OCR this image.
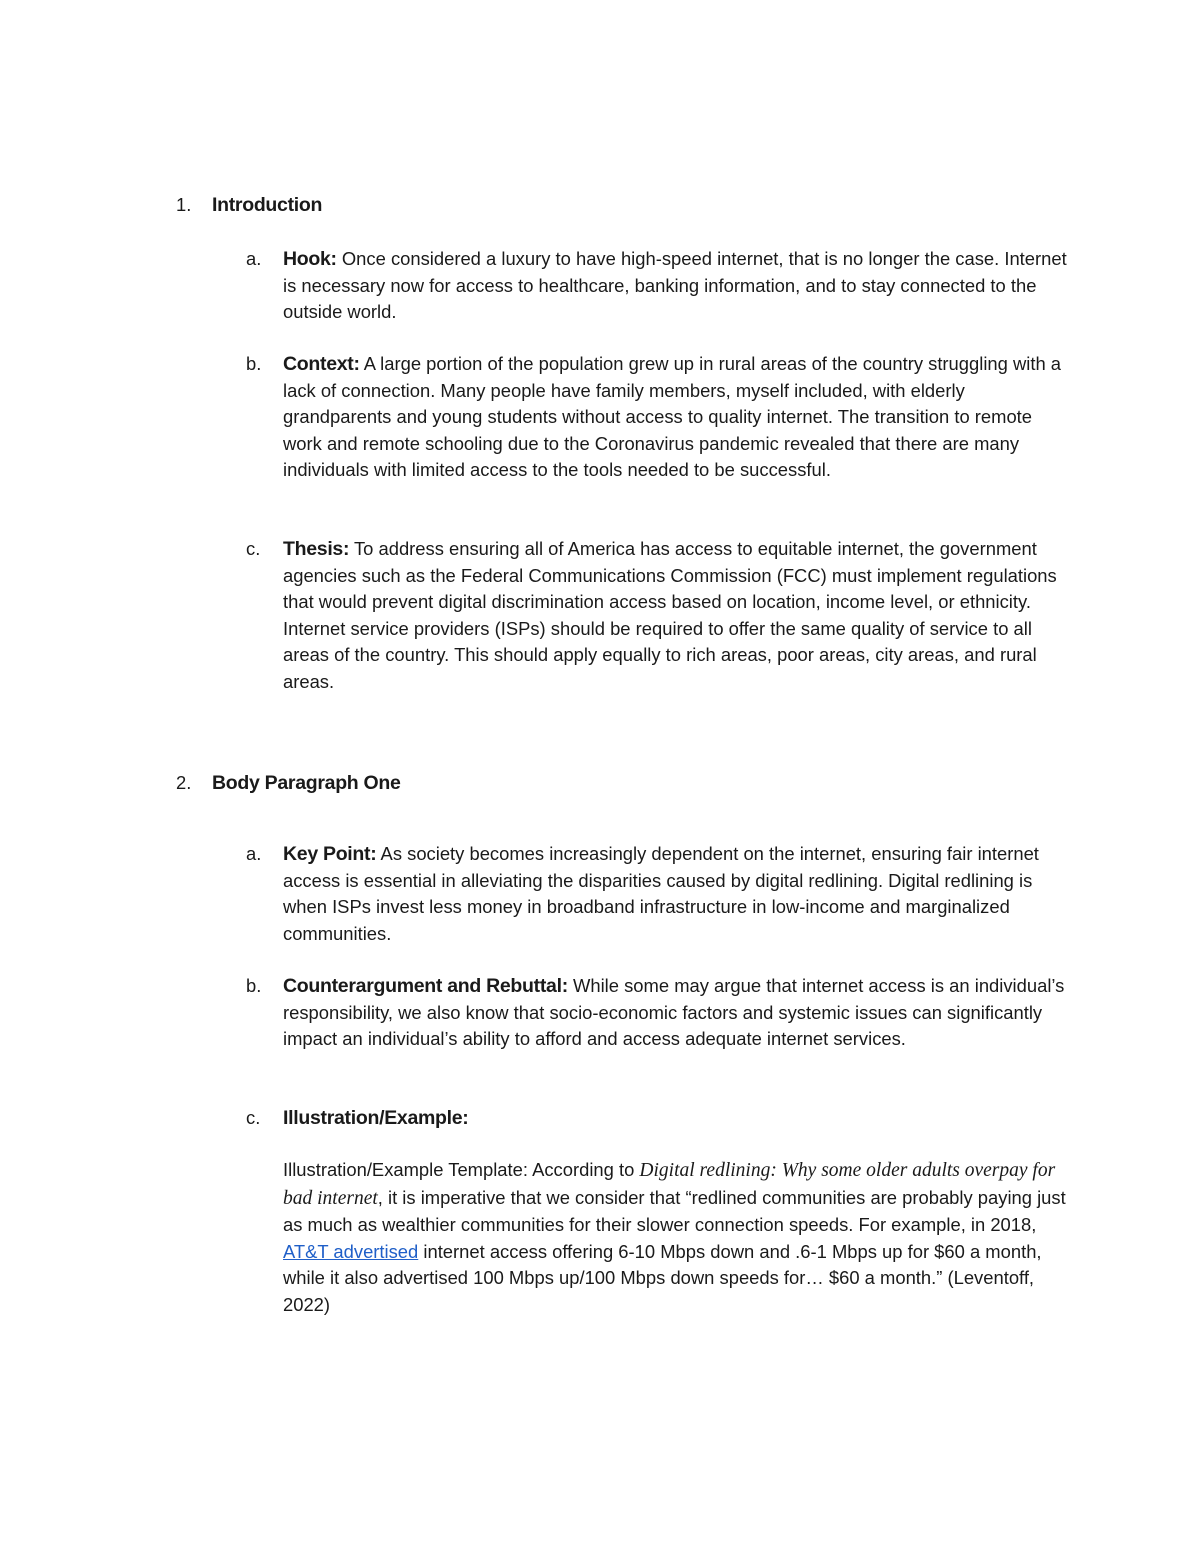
1. Introduction
a. Hook: Once considered a luxury to have high-speed internet, that is no longer the case. Internet is necessary now for access to healthcare, banking information, and to stay connected to the outside world.
b. Context: A large portion of the population grew up in rural areas of the country struggling with a lack of connection. Many people have family members, myself included, with elderly grandparents and young students without access to quality internet. The transition to remote work and remote schooling due to the Coronavirus pandemic revealed that there are many individuals with limited access to the tools needed to be successful.
c. Thesis: To address ensuring all of America has access to equitable internet, the government agencies such as the Federal Communications Commission (FCC) must implement regulations that would prevent digital discrimination access based on location, income level, or ethnicity. Internet service providers (ISPs) should be required to offer the same quality of service to all areas of the country. This should apply equally to rich areas, poor areas, city areas, and rural areas.
2. Body Paragraph One
a. Key Point: As society becomes increasingly dependent on the internet, ensuring fair internet access is essential in alleviating the disparities caused by digital redlining. Digital redlining is when ISPs invest less money in broadband infrastructure in low-income and marginalized communities.
b. Counterargument and Rebuttal: While some may argue that internet access is an individual’s responsibility, we also know that socio-economic factors and systemic issues can significantly impact an individual’s ability to afford and access adequate internet services.
c. Illustration/Example:
Illustration/Example Template: According to Digital redlining: Why some older adults overpay for bad internet, it is imperative that we consider that “redlined communities are probably paying just as much as wealthier communities for their slower connection speeds. For example, in 2018, AT&T advertised internet access offering 6-10 Mbps down and .6-1 Mbps up for $60 a month, while it also advertised 100 Mbps up/100 Mbps down speeds for… $60 a month.” (Leventoff, 2022)
